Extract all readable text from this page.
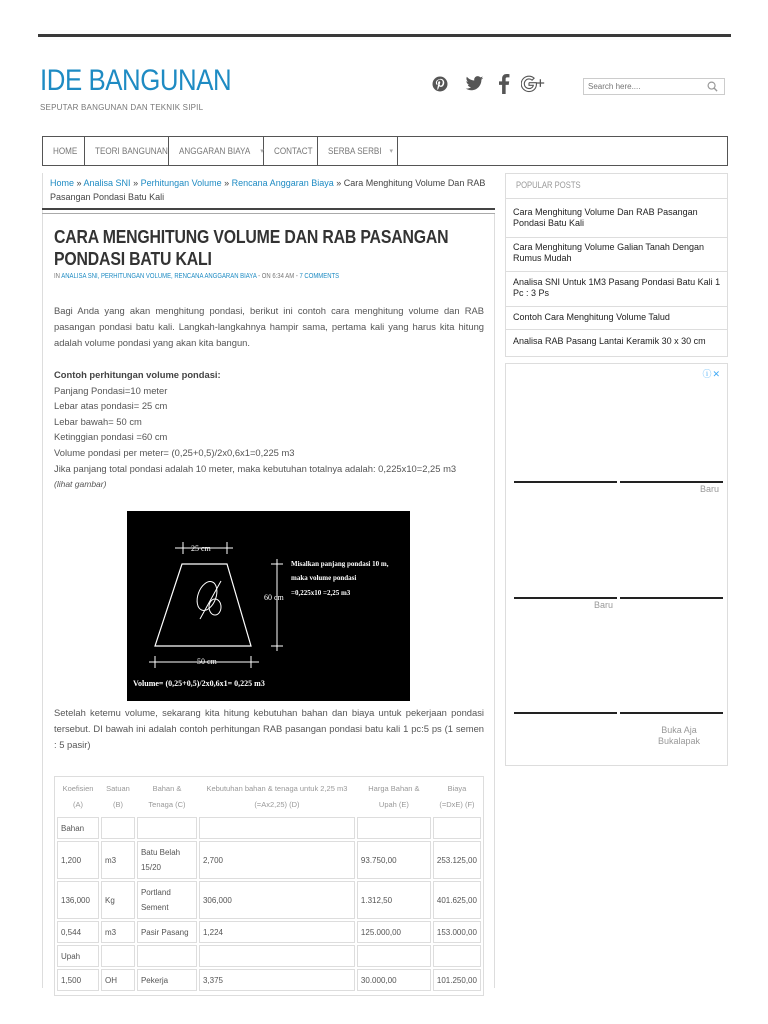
IDE BANGUNAN
SEPUTAR BANGUNAN DAN TEKNIK SIPIL
Search here....
HOME TEORI BANGUNAN ANGGARAN BIAYA ▾ CONTACT SERBA SERBI ▾
Home » Analisa SNI » Perhitungan Volume » Rencana Anggaran Biaya » Cara Menghitung Volume Dan RAB Pasangan Pondasi Batu Kali
CARA MENGHITUNG VOLUME DAN RAB PASANGAN PONDASI BATU KALI
IN ANALISA SNI, PERHITUNGAN VOLUME, RENCANA ANGGARAN BIAYA - ON 6:34 AM - 7 COMMENTS

Bagi Anda yang akan menghitung pondasi, berikut ini contoh cara menghitung volume dan RAB pasangan pondasi batu kali. Langkah-langkahnya hampir sama, pertama kali yang harus kita hitung adalah volume pondasi yang akan kita bangun.

Contoh perhitungan volume pondasi:
Panjang Pondasi=10 meter
Lebar atas pondasi= 25 cm
Lebar bawah= 50 cm
Ketinggian pondasi =60 cm
Volume pondasi per meter= (0,25+0,5)/2x0,6x1=0,225 m3
Jika panjang total pondasi adalah 10 meter, maka kebutuhan totalnya adalah: 0,225x10=2,25 m3
(lihat gambar)
25 cm
60 cm
50 cm
Misalkan panjang pondasi 10 m,
maka volume pondasi
=0,225x10 =2,25 m3
Volume= (0,25+0,5)/2x0,6x1= 0,225 m3

Setelah ketemu volume, sekarang kita hitung kebutuhan bahan dan biaya untuk pekerjaan pondasi tersebut. DI bawah ini adalah contoh perhitungan RAB pasangan pondasi batu kali 1 pc:5 ps (1 semen : 5 pasir)

Koefisien (A)	Satuan (B)	Bahan & Tenaga (C)	Kebutuhan bahan & tenaga untuk 2,25 m3 (=Ax2,25) (D)	Harga Bahan & Upah (E)	Biaya (=DxE) (F)
Bahan					
1,200	m3	Batu Belah 15/20	2,700	93.750,00	253.125,00
136,000	Kg	Portland Sement	306,000	1.312,50	401.625,00
0,544	m3	Pasir Pasang	1,224	125.000,00	153.000,00
Upah					
1,500	OH	Pekerja	3,375	30.000,00	101.250,00
POPULAR POSTS
Cara Menghitung Volume Dan RAB Pasangan Pondasi Batu Kali
Cara Menghitung Volume Galian Tanah Dengan Rumus Mudah
Analisa SNI Untuk 1M3 Pasang Pondasi Batu Kali 1 Pc : 3 Ps
Contoh Cara Menghitung Volume Talud
Analisa RAB Pasang Lantai Keramik 30 x 30 cm
ⓘ✕
Baru
Baru
Buka Aja Bukalapak
